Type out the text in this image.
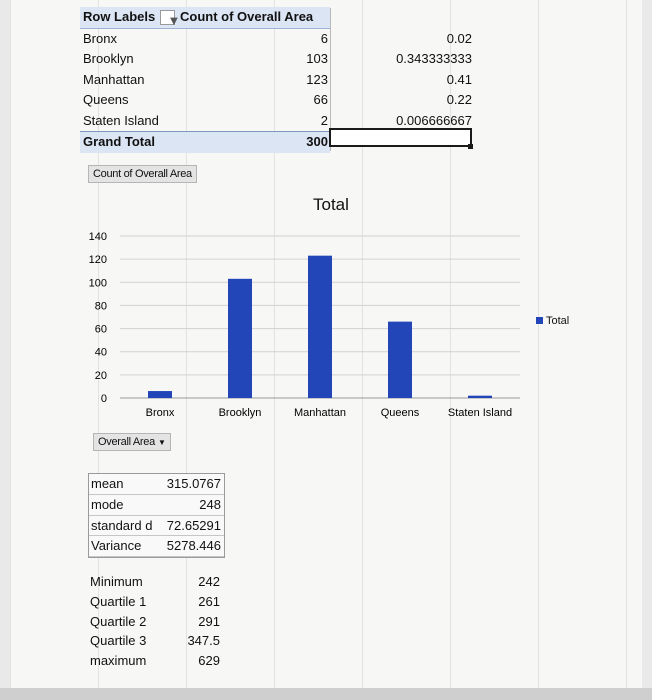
Row Labels ▼ Count of Overall Area
Bronx	6	0.02
Brooklyn	103	0.343333333
Manhattan	123	0.41
Queens	66	0.22
Staten Island	2	0.006666667
Grand Total	300
Count of Overall Area
Total
0
20
40
60
80
100
120
140
Bronx	Brooklyn	Manhattan	Queens	Staten Island
Total
Overall Area ▼
mean	315.0767
mode	248
standard d 72.65291
Variance 5278.446
Minimum	242
Quartile 1	261
Quartile 2	291
Quartile 3	347.5
maximum	629
